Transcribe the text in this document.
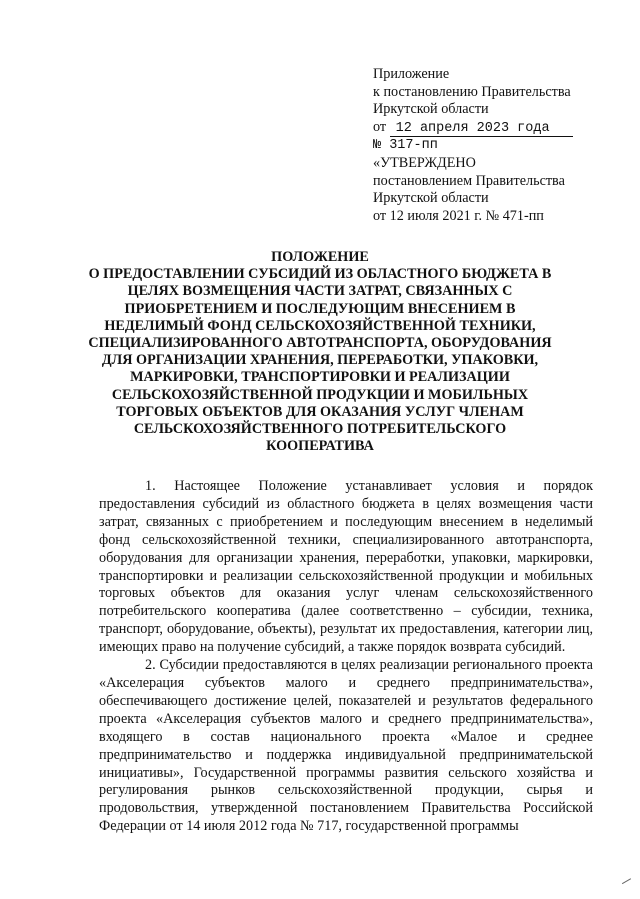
Приложение
к постановлению Правительства
Иркутской области
от 12 апреля 2023 года
№ 317-пп
«УТВЕРЖДЕНО
постановлением Правительства
Иркутской области
от 12 июля 2021 г. № 471-пп
ПОЛОЖЕНИЕ
О ПРЕДОСТАВЛЕНИИ СУБСИДИЙ ИЗ ОБЛАСТНОГО БЮДЖЕТА В
ЦЕЛЯХ ВОЗМЕЩЕНИЯ ЧАСТИ ЗАТРАТ, СВЯЗАННЫХ С
ПРИОБРЕТЕНИЕМ И ПОСЛЕДУЮЩИМ ВНЕСЕНИЕМ В
НЕДЕЛИМЫЙ ФОНД СЕЛЬСКОХОЗЯЙСТВЕННОЙ ТЕХНИКИ,
СПЕЦИАЛИЗИРОВАННОГО АВТОТРАНСПОРТА, ОБОРУДОВАНИЯ
ДЛЯ ОРГАНИЗАЦИИ ХРАНЕНИЯ, ПЕРЕРАБОТКИ, УПАКОВКИ,
МАРКИРОВКИ, ТРАНСПОРТИРОВКИ И РЕАЛИЗАЦИИ
СЕЛЬСКОХОЗЯЙСТВЕННОЙ ПРОДУКЦИИ И МОБИЛЬНЫХ
ТОРГОВЫХ ОБЪЕКТОВ ДЛЯ ОКАЗАНИЯ УСЛУГ ЧЛЕНАМ
СЕЛЬСКОХОЗЯЙСТВЕННОГО ПОТРЕБИТЕЛЬСКОГО
КООПЕРАТИВА

1. Настоящее Положение устанавливает условия и порядок предоставления субсидий из областного бюджета в целях возмещения части затрат, связанных с приобретением и последующим внесением в неделимый фонд сельскохозяйственной техники, специализированного автотранспорта, оборудования для организации хранения, переработки, упаковки, маркировки, транспортировки и реализации сельскохозяйственной продукции и мобильных торговых объектов для оказания услуг членам сельскохозяйственного потребительского кооператива (далее соответственно – субсидии, техника, транспорт, оборудование, объекты), результат их предоставления, категории лиц, имеющих право на получение субсидий, а также порядок возврата субсидий.

2. Субсидии предоставляются в целях реализации регионального проекта «Акселерация субъектов малого и среднего предпринимательства», обеспечивающего достижение целей, показателей и результатов федерального проекта «Акселерация субъектов малого и среднего предпринимательства», входящего в состав национального проекта «Малое и среднее предпринимательство и поддержка индивидуальной предпринимательской инициативы», Государственной программы развития сельского хозяйства и регулирования рынков сельскохозяйственной продукции, сырья и продовольствия, утвержденной постановлением Правительства Российской Федерации от 14 июля 2012 года № 717, государственной программы
